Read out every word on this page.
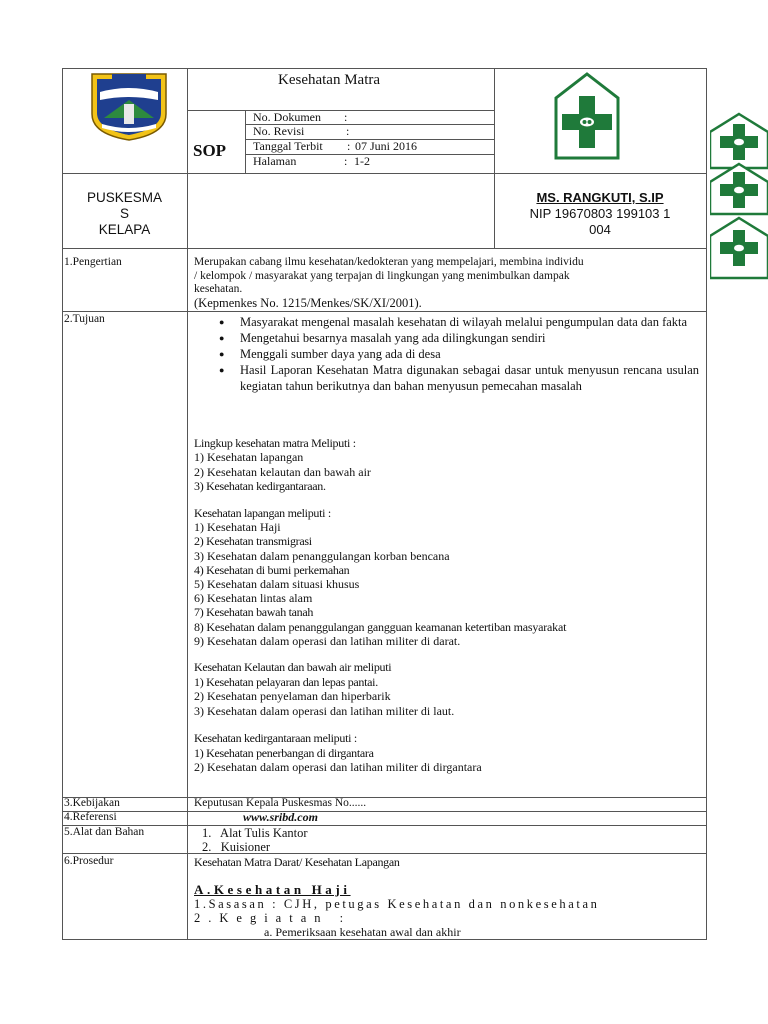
Kesehatan Matra
SOP
No. Dokumen :
No. Revisi	:
Tanggal Terbit : 07 Juni 2016
Halaman	: 1-2
PUSKESMA
S
KELAPA
MS. RANGKUTI, S.IP
NIP 19670803 199103 1
004
1.Pengertian	Merupakan cabang ilmu kesehatan/kedokteran yang mempelajari, membina individu
/ kelompok / masyarakat yang terpajan di lingkungan yang menimbulkan dampak
kesehatan.
(Kepmenkes No. 1215/Menkes/SK/XI/2001).
2.Tujuan
●	Masyarakat mengenal masalah kesehatan di wilayah melalui pengumpulan data dan fakta
● Mengetahui besarnya masalah yang ada dilingkungan sendiri
● Menggali sumber daya yang ada di desa
● Hasil Laporan Kesehatan Matra digunakan sebagai dasar untuk menyusun rencana usulan kegiatan tahun berikutnya dan bahan menyusun pemecahan masalah
Lingkup kesehatan matra Meliputi :
1) Kesehatan lapangan
2) Kesehatan kelautan dan bawah air
3) Kesehatan kedirgantaraan.
Kesehatan lapangan meliputi :
1) Kesehatan Haji
2) Kesehatan transmigrasi
3) Kesehatan dalam penanggulangan korban bencana
4) Kesehatan di bumi perkemahan
5) Kesehatan dalam situasi khusus
6) Kesehatan lintas alam
7) Kesehatan bawah tanah
8) Kesehatan dalam penanggulangan gangguan keamanan ketertiban masyarakat
9) Kesehatan dalam operasi dan latihan militer di darat.
Kesehatan Kelautan dan bawah air meliputi
1) Kesehatan pelayaran dan lepas pantai.
2) Kesehatan penyelaman dan hiperbarik
3) Kesehatan dalam operasi dan latihan militer di laut.
Kesehatan kedirgantaraan meliputi :
1) Kesehatan penerbangan di dirgantara
2) Kesehatan dalam operasi dan latihan militer di dirgantara
3.Kebijakan	Keputusan Kepala Puskesmas No......
4.Referensi	www.sribd.com
5.Alat dan Bahan	1.   Alat Tulis Kantor
2.   Kuisioner
6.Prosedur	Kesehatan Matra Darat/ Kesehatan Lapangan
A.Kesehatan Haji
1.Sasasan : CJH, petugas Kesehatan dan nonkesehatan
2.Kegiatan :
a. Pemeriksaan kesehatan awal dan akhir
